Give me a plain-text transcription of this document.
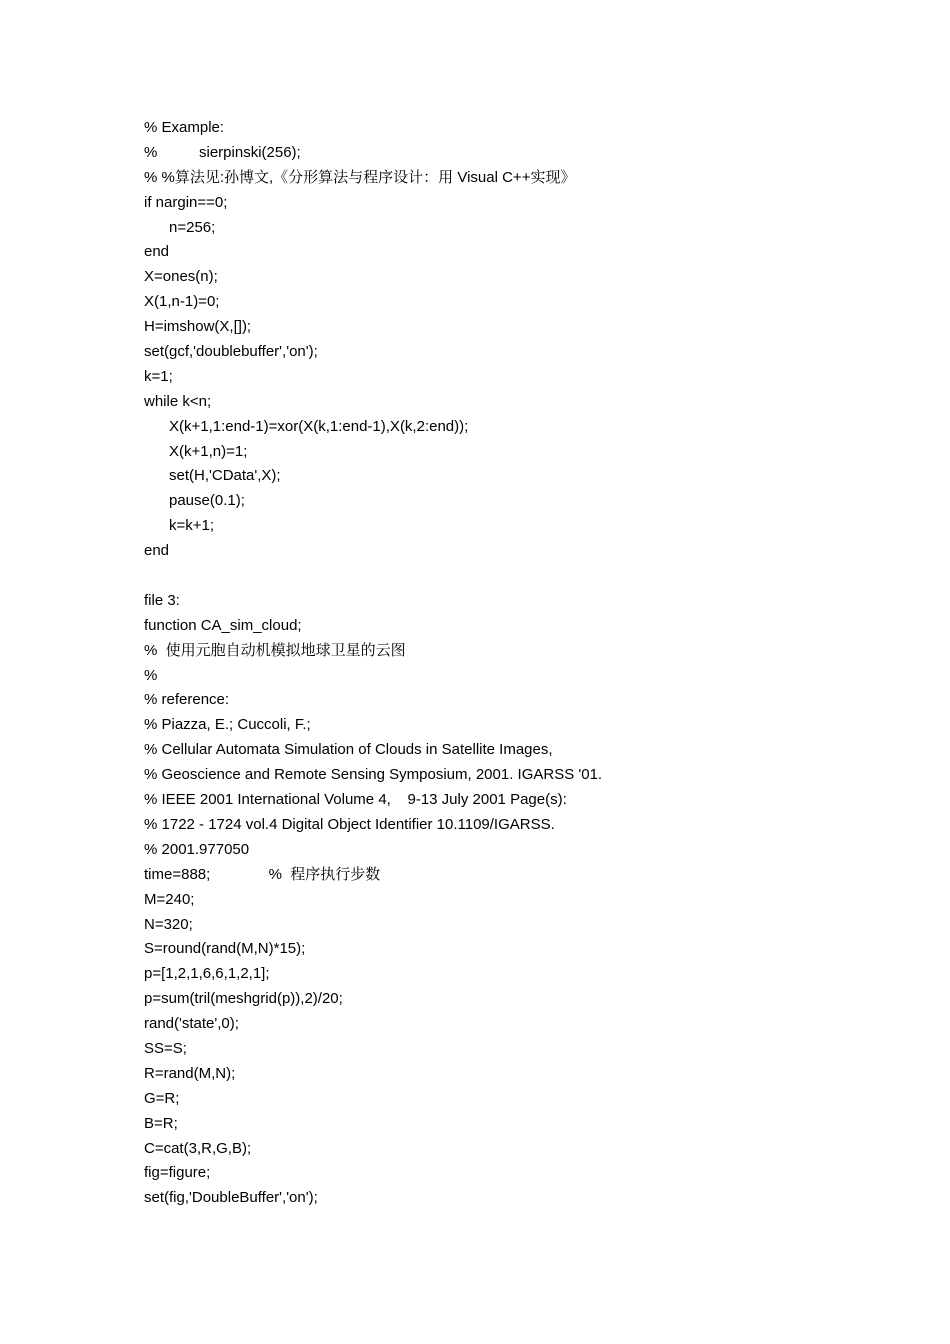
% Example:
%          sierpinski(256);
% %算法见:孙博文,《分形算法与程序设计：用 Visual C++实现》
if nargin==0;
n=256;
end
X=ones(n);
X(1,n-1)=0;
H=imshow(X,[]);
set(gcf,'doublebuffer','on');
k=1;
while k<n;
X(k+1,1:end-1)=xor(X(k,1:end-1),X(k,2:end));
X(k+1,n)=1;
set(H,'CData',X);
pause(0.1);
k=k+1;
end
file 3:
function CA_sim_cloud;
%  使用元胞自动机模拟地球卫星的云图
%
% reference:
% Piazza, E.; Cuccoli, F.;
% Cellular Automata Simulation of Clouds in Satellite Images,
% Geoscience and Remote Sensing Symposium, 2001. IGARSS '01.
% IEEE 2001 International Volume 4,    9-13 July 2001 Page(s):
% 1722 - 1724 vol.4 Digital Object Identifier 10.1109/IGARSS.
% 2001.977050
time=888;              %  程序执行步数
M=240;
N=320;
S=round(rand(M,N)*15);
p=[1,2,1,6,6,1,2,1];
p=sum(tril(meshgrid(p)),2)/20;
rand('state',0);
SS=S;
R=rand(M,N);
G=R;
B=R;
C=cat(3,R,G,B);
fig=figure;
set(fig,'DoubleBuffer','on');
